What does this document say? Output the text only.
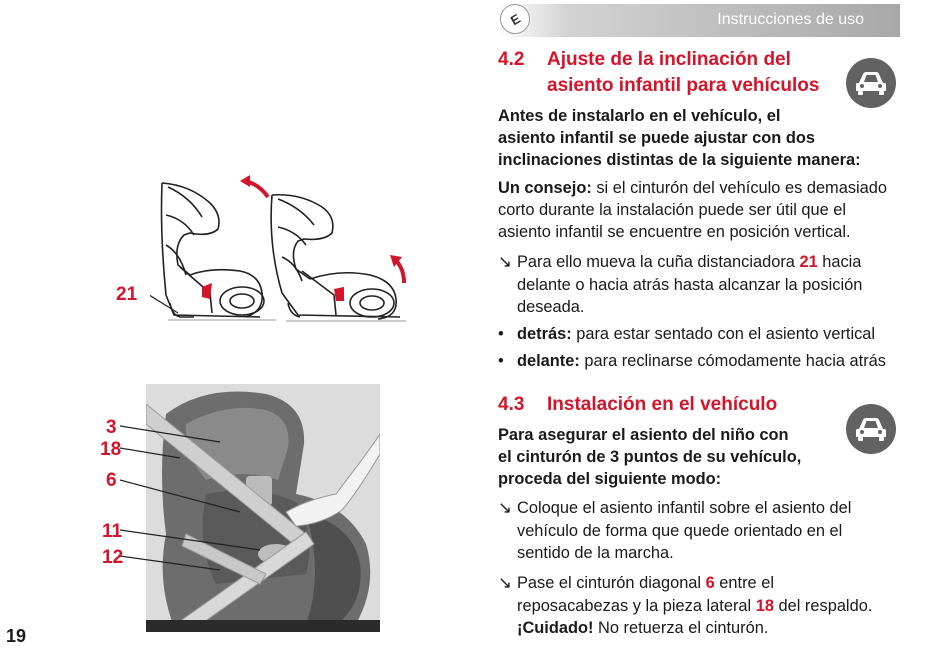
E	Instrucciones de uso
4.2 Ajuste de la inclinación del
asiento infantil para vehículos
Antes de instalarlo en el vehículo, el
asiento infantil se puede ajustar con dos
inclinaciones distintas de la siguiente manera:
Un consejo: si el cinturón del vehículo es demasiado
corto durante la instalación puede ser útil que el
asiento infantil se encuentre en posición vertical.
↘ Para ello mueva la cuña distanciadora 21 hacia
delante o hacia atrás hasta alcanzar la posición
deseada.
• detrás: para estar sentado con el asiento vertical
• delante: para reclinarse cómodamente hacia atrás
4.3 Instalación en el vehículo
Para asegurar el asiento del niño con
el cinturón de 3 puntos de su vehículo,
proceda del siguiente modo:
↘ Coloque el asiento infantil sobre el asiento del
vehículo de forma que quede orientado en el
sentido de la marcha.
↘ Pase el cinturón diagonal 6 entre el
reposacabezas y la pieza lateral 18 del respaldo.
¡Cuidado! No retuerza el cinturón.
21
3
18
6
11
12
19
